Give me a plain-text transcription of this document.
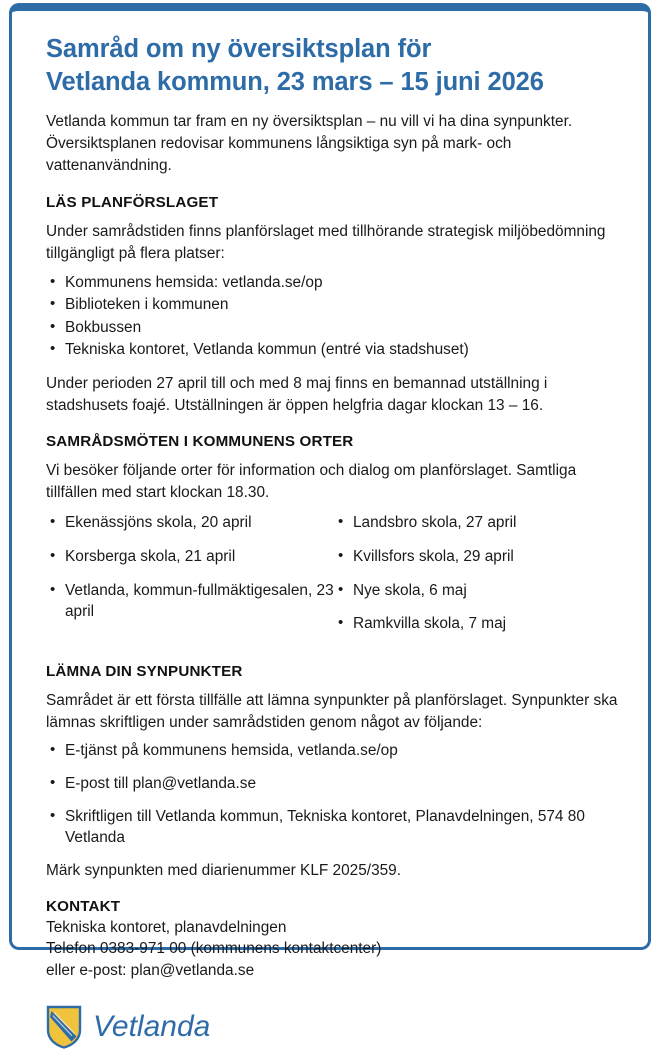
Samråd om ny översiktsplan för
Vetlanda kommun, 23 mars – 15 juni 2026

Vetlanda kommun tar fram en ny översiktsplan – nu vill vi ha dina synpunkter. Översiktsplanen redovisar kommunens långsiktiga syn på mark- och vattenanvändning.

LÄS PLANFÖRSLAGET

Under samrådstiden finns planförslaget med tillhörande strategisk miljöbedömning tillgängligt på flera platser:

• Kommunens hemsida: vetlanda.se/op
• Biblioteken i kommunen
• Bokbussen
• Tekniska kontoret, Vetlanda kommun (entré via stadshuset)

Under perioden 27 april till och med 8 maj finns en bemannad utställning i stadshusets foajé. Utställningen är öppen helgfria dagar klockan 13 – 16.

SAMRÅDSMÖTEN I KOMMUNENS ORTER

Vi besöker följande orter för information och dialog om planförslaget. Samtliga tillfällen med start klockan 18.30.

• Ekenässjöns skola, 20 april
• Korsberga skola, 21 april
• Vetlanda, kommun-fullmäktigesalen, 23 april
• Landsbro skola, 27 april
• Kvillsfors skola, 29 april
• Nye skola, 6 maj
• Ramkvilla skola, 7 maj
LÄMNA DIN SYNPUNKTER

Samrådet är ett första tillfälle att lämna synpunkter på planförslaget. Synpunkter ska lämnas skriftligen under samrådstiden genom något av följande:

• E-tjänst på kommunens hemsida, vetlanda.se/op
• E-post till plan@vetlanda.se
• Skriftligen till Vetlanda kommun, Tekniska kontoret, Planavdelningen, 574 80 Vetlanda

Märk synpunkten med diarienummer KLF 2025/359.

KONTAKT
Tekniska kontoret, planavdelningen
Telefon 0383-971 00 (kommunens kontaktcenter)
eller e-post: plan@vetlanda.se
Vetlanda
